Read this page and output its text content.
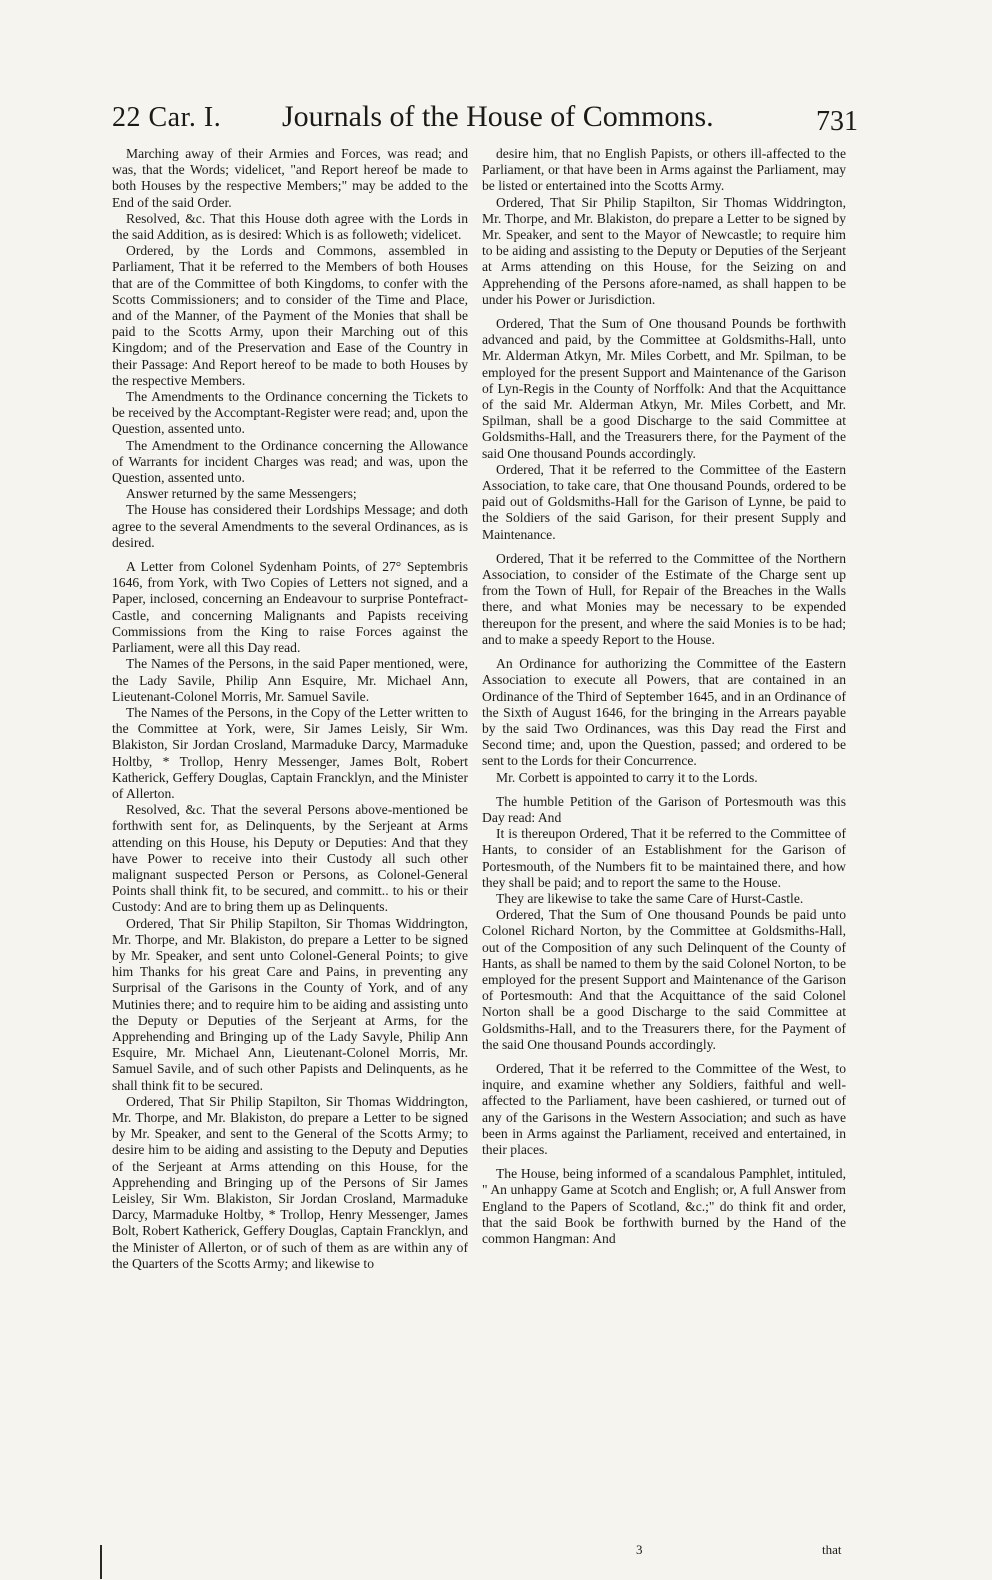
22 Car. I. Journals of the House of Commons.	731

Marching away of their Armies and Forces, was read; and was, that the Words; videlicet, "and Report hereof be made to both Houses by the respective Members;" may be added to the End of the said Order.

Resolved, &c. That this House doth agree with the Lords in the said Addition, as is desired: Which is as followeth; videlicet.

Ordered, by the Lords and Commons, assembled in Parliament, That it be referred to the Members of both Houses that are of the Committee of both Kingdoms, to confer with the Scotts Commissioners; and to consider of the Time and Place, and of the Manner, of the Payment of the Monies that shall be paid to the Scotts Army, upon their Marching out of this Kingdom; and of the Preservation and Ease of the Country in their Passage: And Report hereof to be made to both Houses by the respective Members.

The Amendments to the Ordinance concerning the Tickets to be received by the Accomptant-Register were read; and, upon the Question, assented unto.

The Amendment to the Ordinance concerning the Allowance of Warrants for incident Charges was read; and was, upon the Question, assented unto.

Answer returned by the same Messengers;

The House has considered their Lordships Message; and doth agree to the several Amendments to the several Ordinances, as is desired.

A Letter from Colonel Sydenham Points, of 27° Septembris 1646, from York, with Two Copies of Letters not signed, and a Paper, inclosed, concerning an Endeavour to surprise Pontefract-Castle, and concerning Malignants and Papists receiving Commissions from the King to raise Forces against the Parliament, were all this Day read.

The Names of the Persons, in the said Paper mentioned, were, the Lady Savile, Philip Ann Esquire, Mr. Michael Ann, Lieutenant-Colonel Morris, Mr. Samuel Savile.

The Names of the Persons, in the Copy of the Letter written to the Committee at York, were, Sir James Leisly, Sir Wm. Blakiston, Sir Jordan Crosland, Marmaduke Darcy, Marmaduke Holtby, * Trollop, Henry Messenger, James Bolt, Robert Katherick, Geffery Douglas, Captain Francklyn, and the Minister of Allerton.

Resolved, &c. That the several Persons above-mentioned be forthwith sent for, as Delinquents, by the Serjeant at Arms attending on this House, his Deputy or Deputies: And that they have Power to receive into their Custody all such other malignant suspected Person or Persons, as Colonel-General Points shall think fit, to be secured, and committ.. to his or their Custody: And are to bring them up as Delinquents.

Ordered, That Sir Philip Stapilton, Sir Thomas Widdrington, Mr. Thorpe, and Mr. Blakiston, do prepare a Letter to be signed by Mr. Speaker, and sent unto Colonel-General Points; to give him Thanks for his great Care and Pains, in preventing any Surprisal of the Garisons in the County of York, and of any Mutinies there; and to require him to be aiding and assisting unto the Deputy or Deputies of the Serjeant at Arms, for the Apprehending and Bringing up of the Lady Savyle, Philip Ann Esquire, Mr. Michael Ann, Lieutenant-Colonel Morris, Mr. Samuel Savile, and of such other Papists and Delinquents, as he shall think fit to be secured.

Ordered, That Sir Philip Stapilton, Sir Thomas Widdrington, Mr. Thorpe, and Mr. Blakiston, do prepare a Letter to be signed by Mr. Speaker, and sent to the General of the Scotts Army; to desire him to be aiding and assisting to the Deputy and Deputies of the Serjeant at Arms attending on this House, for the Apprehending and Bringing up of the Persons of Sir James Leisley, Sir Wm. Blakiston, Sir Jordan Crosland, Marmaduke Darcy, Marmaduke Holtby, * Trollop, Henry Messenger, James Bolt, Robert Katherick, Geffery Douglas, Captain Francklyn, and the Minister of Allerton, or of such of them as are within any of the Quarters of the Scotts Army; and likewise to

desire him, that no English Papists, or others ill-affected to the Parliament, or that have been in Arms against the Parliament, may be listed or entertained into the Scotts Army.

Ordered, That Sir Philip Stapilton, Sir Thomas Widdrington, Mr. Thorpe, and Mr. Blakiston, do prepare a Letter to be signed by Mr. Speaker, and sent to the Mayor of Newcastle; to require him to be aiding and assisting to the Deputy or Deputies of the Serjeant at Arms attending on this House, for the Seizing on and Apprehending of the Persons afore-named, as shall happen to be under his Power or Jurisdiction.

Ordered, That the Sum of One thousand Pounds be forthwith advanced and paid, by the Committee at Goldsmiths-Hall, unto Mr. Alderman Atkyn, Mr. Miles Corbett, and Mr. Spilman, to be employed for the present Support and Maintenance of the Garison of Lyn-Regis in the County of Norffolk: And that the Acquittance of the said Mr. Alderman Atkyn, Mr. Miles Corbett, and Mr. Spilman, shall be a good Discharge to the said Committee at Goldsmiths-Hall, and the Treasurers there, for the Payment of the said One thousand Pounds accordingly.

Ordered, That it be referred to the Committee of the Eastern Association, to take care, that One thousand Pounds, ordered to be paid out of Goldsmiths-Hall for the Garison of Lynne, be paid to the Soldiers of the said Garison, for their present Supply and Maintenance.

Ordered, That it be referred to the Committee of the Northern Association, to consider of the Estimate of the Charge sent up from the Town of Hull, for Repair of the Breaches in the Walls there, and what Monies may be necessary to be expended thereupon for the present, and where the said Monies is to be had; and to make a speedy Report to the House.

An Ordinance for authorizing the Committee of the Eastern Association to execute all Powers, that are contained in an Ordinance of the Third of September 1645, and in an Ordinance of the Sixth of August 1646, for the bringing in the Arrears payable by the said Two Ordinances, was this Day read the First and Second time; and, upon the Question, passed; and ordered to be sent to the Lords for their Concurrence.

Mr. Corbett is appointed to carry it to the Lords.

The humble Petition of the Garison of Portesmouth was this Day read: And

It is thereupon Ordered, That it be referred to the Committee of Hants, to consider of an Establishment for the Garison of Portesmouth, of the Numbers fit to be maintained there, and how they shall be paid; and to report the same to the House.

They are likewise to take the same Care of Hurst-Castle.

Ordered, That the Sum of One thousand Pounds be paid unto Colonel Richard Norton, by the Committee at Goldsmiths-Hall, out of the Composition of any such Delinquent of the County of Hants, as shall be named to them by the said Colonel Norton, to be employed for the present Support and Maintenance of the Garison of Portesmouth: And that the Acquittance of the said Colonel Norton shall be a good Discharge to the said Committee at Goldsmiths-Hall, and to the Treasurers there, for the Payment of the said One thousand Pounds accordingly.

Ordered, That it be referred to the Committee of the West, to inquire, and examine whether any Soldiers, faithful and well-affected to the Parliament, have been cashiered, or turned out of any of the Garisons in the Western Association; and such as have been in Arms against the Parliament, received and entertained, in their places.

The House, being informed of a scandalous Pamphlet, intituled, " An unhappy Game at Scotch and English; or, A full Answer from England to the Papers of Scotland, &c.;" do think fit and order, that the said Book be forthwith burned by the Hand of the common Hangman: And

3	that
